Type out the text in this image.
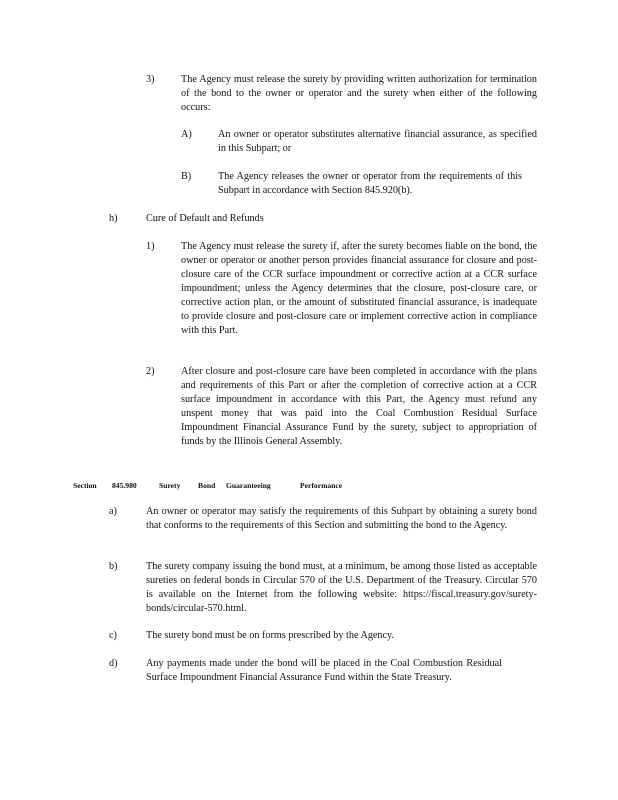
3)	The Agency must release the surety by providing written authorization for termination of the bond to the owner or operator and the surety when either of the following occurs:

A)	An owner or operator substitutes alternative financial assurance, as specified in this Subpart; or

B)	The Agency releases the owner or operator from the requirements of this Subpart in accordance with Section 845.920(b).

h)	Cure of Default and Refunds
1)	The Agency must release the surety if, after the surety becomes liable on the bond, the owner or operator or another person provides financial assurance for closure and post-closure care of the CCR surface impoundment or corrective action at a CCR surface impoundment; unless the Agency determines that the closure, post-closure care, or corrective action plan, or the amount of substituted financial assurance, is inadequate to provide closure and post-closure care or implement corrective action in compliance with this Part.

2)	After closure and post-closure care have been completed in accordance with the plans and requirements of this Part or after the completion of corrective action at a CCR surface impoundment in accordance with this Part, the Agency must refund any unspent money that was paid into the Coal Combustion Residual Surface Impoundment Financial Assurance Fund by the surety, subject to appropriation of funds by the Illinois General Assembly.

Section 845.980	Surety Bond Guaranteeing	Performance
a)	An owner or operator may satisfy the requirements of this Subpart by obtaining a surety bond that conforms to the requirements of this Section and submitting the bond to the Agency.

b)	The surety company issuing the bond must, at a minimum, be among those listed as acceptable sureties on federal bonds in Circular 570 of the U.S. Department of the Treasury. Circular 570 is available on the Internet from the following website: https://fiscal.treasury.gov/surety-bonds/circular-570.html.

c)	The surety bond must be on forms prescribed by the Agency.

d)	Any payments made under the bond will be placed in the Coal Combustion Residual Surface Impoundment Financial Assurance Fund within the State Treasury.
